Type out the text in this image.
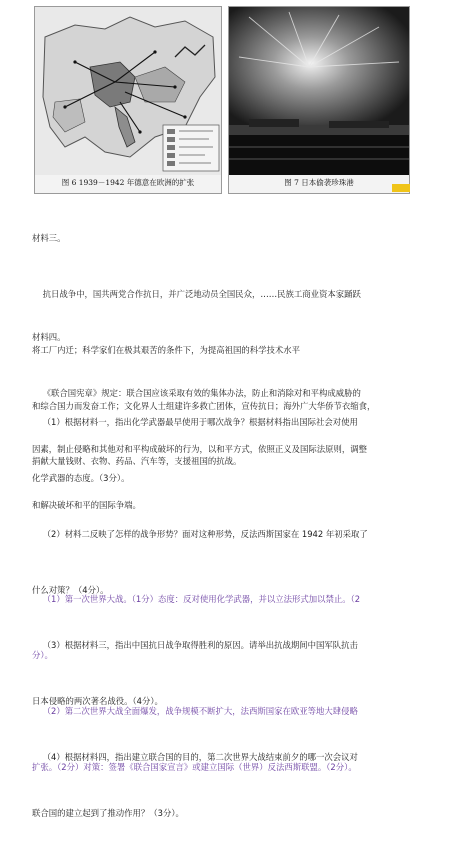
图 6 1939－1942 年德意在欧洲的扩张	图 7 日本偷袭珍珠港

材料三。

抗日战争中，国共两党合作抗日，并广泛地动员全国民众，……民族工商业资本家踊跃

将工厂内迁；科学家们在极其艰苦的条件下，为提高祖国的科学技术水平

和综合国力而发奋工作；文化界人士组建许多救亡团体，宣传抗日；海外广大华侨节衣缩食，

捐献大量钱财、衣物、药品、汽车等，支援祖国的抗战。

材料四。

《联合国宪章》规定：联合国应该采取有效的集体办法，防止和消除对和平构成威胁的

因素，制止侵略和其他对和平构成破坏的行为，以和平方式，依照正义及国际法原则，调整

和解决破坏和平的国际争端。

（1）根据材料一，指出化学武器最早使用于哪次战争？根据材料指出国际社会对使用

化学武器的态度。（3分）。

（2）材料二反映了怎样的战争形势？面对这种形势，反法西斯国家在 1942 年初采取了

什么对策？（4分）。

（3）根据材料三，指出中国抗日战争取得胜利的原因。请举出抗战期间中国军队抗击

日本侵略的两次著名战役。（4分）。

（4）根据材料四，指出建立联合国的目的，第二次世界大战结束前夕的哪一次会议对

联合国的建立起到了推动作用？（3分）。

（1）第一次世界大战。（1分）态度：反对使用化学武器，并以立法形式加以禁止。（2

分）。

（2）第二次世界大战全面爆发，战争规模不断扩大，法西斯国家在欧亚等地大肆侵略

扩张。（2分）对策：签署《联合国家宣言》或建立国际（世界）反法西斯联盟。（2分）。
